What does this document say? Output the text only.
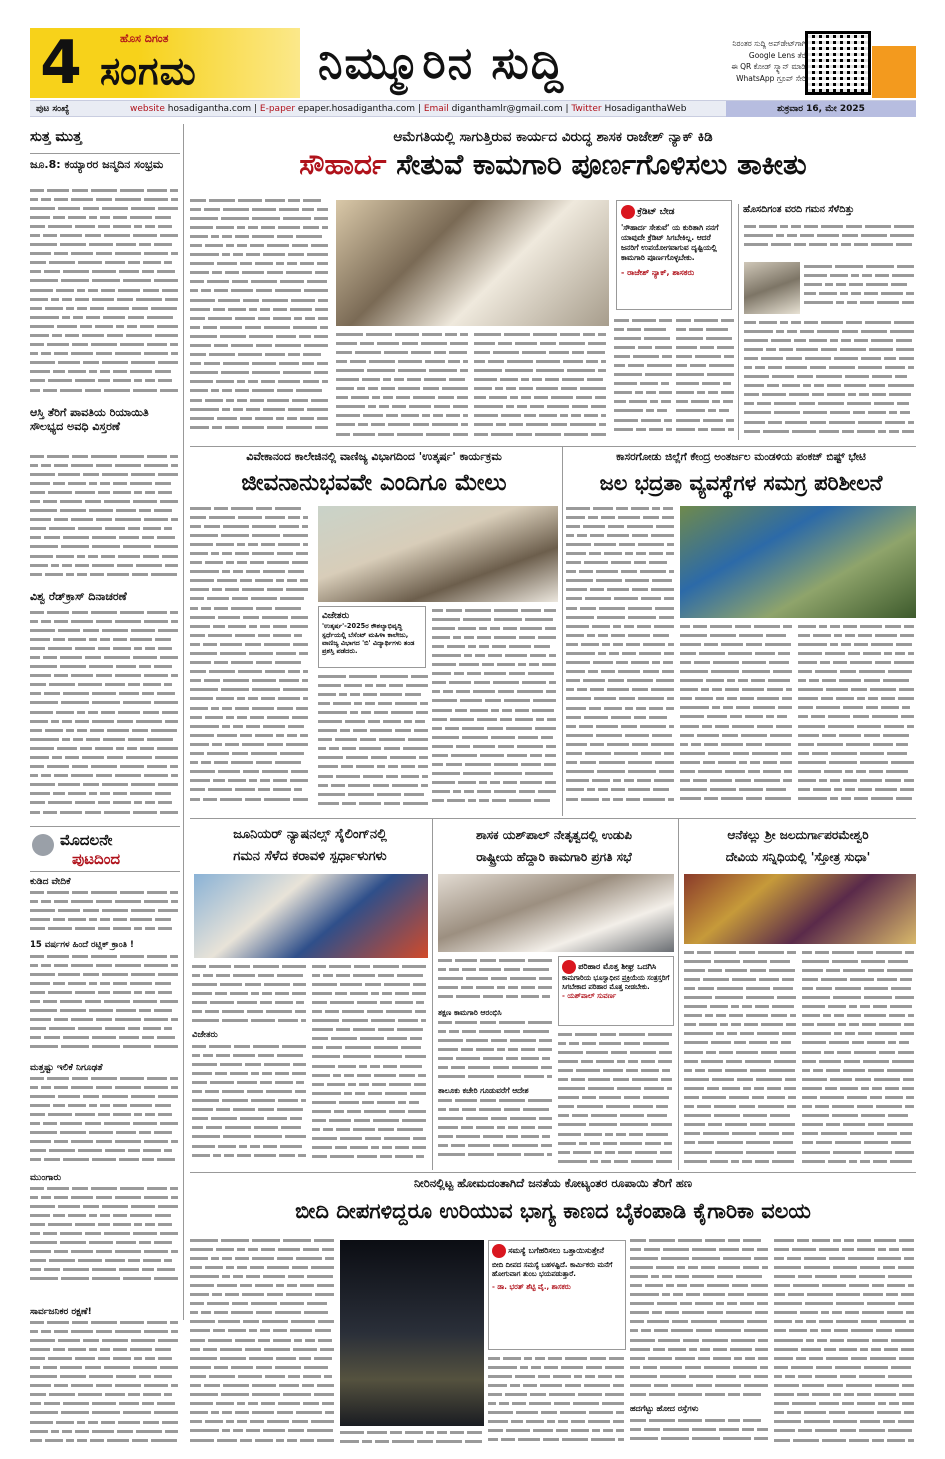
4	ಹೊಸ ದಿಗಂತ
ಸಂಗಮ	ನಿಮ್ಮೂರಿನ ಸುದ್ದಿ	ನಿರಂತರ ಸುದ್ದಿ ಅಪ್‌ಡೇಟ್‌ಗಾಗಿ
Google Lens ತೆರೆ
ಈ QR ಕೋಡ್ ಸ್ಕ್ಯಾನ್ ಮಾಡಿ
WhatsApp ಗ್ರೂಪ್ ಸೇರಿ
ಪುಟ ಸಂಖ್ಯೆ	website hosadigantha.com | E-paper epaper.hosadigantha.com | Email diganthamlr@gmail.com | Twitter HosadiganthaWeb	ಶುಕ್ರವಾರ 16, ಮೇ 2025
ಸುತ್ತ ಮುತ್ತ
ಜೂ.8: ಕಯ್ಯಾರರ ಜನ್ಮದಿನ ಸಂಭ್ರಮ
ಆಸ್ತಿ ತೆರಿಗೆ ಪಾವತಿಯ ರಿಯಾಯಿತಿ ಸೌಲಭ್ಯದ ಅವಧಿ ವಿಸ್ತರಣೆ
ವಿಶ್ವ ರೆಡ್‌ಕ್ರಾಸ್ ದಿನಾಚರಣೆ
ಮೊದಲನೇ
ಪುಟದಿಂದ
ಕುಡಿದ ವೇದಿಕೆ
15 ವರ್ಷಗಳ ಹಿಂದೆ ರಟ್ಲಿಕ್ ಕ್ರಾಂತಿ !
ಮತ್ತಷ್ಟು ಇಲಿಕೆ ನಿಗೂಢತೆ
ಮುಂಗಾರು
ಸಾರ್ವಜನಿಕರ ರಕ್ಷಣೆ!
ಆಮೆಗತಿಯಲ್ಲಿ ಸಾಗುತ್ತಿರುವ ಕಾರ್ಯದ ವಿರುದ್ಧ ಶಾಸಕ ರಾಜೇಶ್ ನ್ಯಾಕ್ ಕಿಡಿ
ಸೌಹಾರ್ದ ಸೇತುವೆ ಕಾಮಗಾರಿ ಪೂರ್ಣಗೊಳಿಸಲು ತಾಕೀತು
ಕ್ರೆಡಿಟ್ ಬೇಡ
'ಸೌಹಾರ್ದ ಸೇತುವೆ' ಯ ಕುರಿತಾಗಿ ನನಗೆ ಯಾವುದೇ ಕ್ರೆಡಿಟ್ ಸಿಗಬೇಕಿಲ್ಲ. ಆದರೆ ಜನರಿಗೆ ಉಪಯೋಗವಾಗುವ ದೃಷ್ಟಿಯಲ್ಲಿ ಕಾಮಗಾರಿ ಪೂರ್ಣಗೊಳ್ಳಬೇಕು.
- ರಾಜೇಶ್ ನ್ಯಾಕ್, ಶಾಸಕರು
ಹೊಸದಿಗಂತ ವರದಿ ಗಮನ ಸೆಳೆದಿತ್ತು
ವಿವೇಕಾನಂದ ಕಾಲೇಜಿನಲ್ಲಿ ವಾಣಿಜ್ಯ ವಿಭಾಗದಿಂದ 'ಉತ್ಕರ್ಷ' ಕಾರ್ಯಕ್ರಮ
ಜೀವನಾನುಭವವೇ ಎಂದಿಗೂ ಮೇಲು
ವಿಜೇತರು
'ಉತ್ಕರ್ಷ'-2025ರ ಕೌಶಲ್ಯಾಭಿವೃದ್ಧಿ ಸ್ಪರ್ಧೆಯಲ್ಲಿ ಬೆಸೆಂಟ್ ಮಹಿಳಾ ಕಾಲೇಜು, ವಾಣಿಜ್ಯ ವಿಭಾಗದ 'ಬಿ' ವಿದ್ಯಾರ್ಥಿಗಳು ತಂಡ ಪ್ರಶಸ್ತಿ ಪಡೆದರು.
ಕಾಸರಗೋಡು ಜಿಲ್ಲೆಗೆ ಕೇಂದ್ರ ಅಂತರ್ಜಲ ಮಂಡಳಿಯ ಪಂಕಜ್ ಬಿಷ್ಟ್ ಭೇಟಿ
ಜಲ ಭದ್ರತಾ ವ್ಯವಸ್ಥೆಗಳ ಸಮಗ್ರ ಪರಿಶೀಲನೆ
ಜೂನಿಯರ್ ನ್ಯಾಷನಲ್ಸ್ ಸೈಲಿಂಗ್‌ನಲ್ಲಿ
ಗಮನ ಸೆಳೆದ ಕರಾವಳಿ ಸ್ಪರ್ಧಾಳುಗಳು
ವಿಜೇತರು
ಶಾಸಕ ಯಶ್‌ಪಾಲ್ ನೇತೃತ್ವದಲ್ಲಿ ಉಡುಪಿ
ರಾಷ್ಟ್ರೀಯ ಹೆದ್ದಾರಿ ಕಾಮಗಾರಿ ಪ್ರಗತಿ ಸಭೆ
ತಕ್ಷಣ ಕಾಮಗಾರಿ ಆರಂಭಿಸಿ
ತಾಲೂಕು ಕಚೇರಿ ಗೂಡುವರೆಗೆ ಆದೇಶ
ಪರಿಹಾರ ಮೊತ್ತ ಶೀಘ್ರ ಒದಗಿಸಿ
ಕಾಮಗಾರಿಯ ಭೂಸ್ವಾಧೀನ ಪ್ರಕ್ರಿಯೆಯ ಸಂತ್ರಸ್ತರಿಗೆ ಸಿಗಬೇಕಾದ ಪರಿಹಾರ ಮೊತ್ತ ನೀಡಬೇಕು.
- ಯಶ್‌ಪಾಲ್ ಸುವರ್ಣ
ಆನೆಕಲ್ಲು ಶ್ರೀ ಜಲದುರ್ಗಾಪರಮೇಶ್ವರಿ
ದೇವಿಯ ಸನ್ನಿಧಿಯಲ್ಲಿ 'ಸ್ತೋತ್ರ ಸುಧಾ'
ನೀರಿನಲ್ಲಿಟ್ಟ ಹೋಮದಂತಾಗಿದೆ ಜನತೆಯ ಕೋಟ್ಯಂತರ ರೂಪಾಯಿ ತೆರಿಗೆ ಹಣ
ಬೀದಿ ದೀಪಗಳಿದ್ದರೂ ಉರಿಯುವ ಭಾಗ್ಯ ಕಾಣದ ಬೈಕಂಪಾಡಿ ಕೈಗಾರಿಕಾ ವಲಯ
ಸಮಸ್ಯೆ ಬಗೆಹರಿಸಲು ಒತ್ತಾಯಿಸುತ್ತೇನೆ
ಬೀದಿ ದೀಪದ ಸಮಸ್ಯೆ ಬಹಳಷ್ಟಿದೆ. ಕಾರ್ಮಿಕರು ಮನೆಗೆ ಹೋಗುವಾಗ ತುಂಬ ಭಯಪಡುತ್ತಾರೆ.
- ಡಾ. ಭರತ್ ಶೆಟ್ಟಿ ವೈ., ಶಾಸಕರು
ಹದಗೆಟ್ಟು ಹೋದ ರಸ್ತೆಗಳು
